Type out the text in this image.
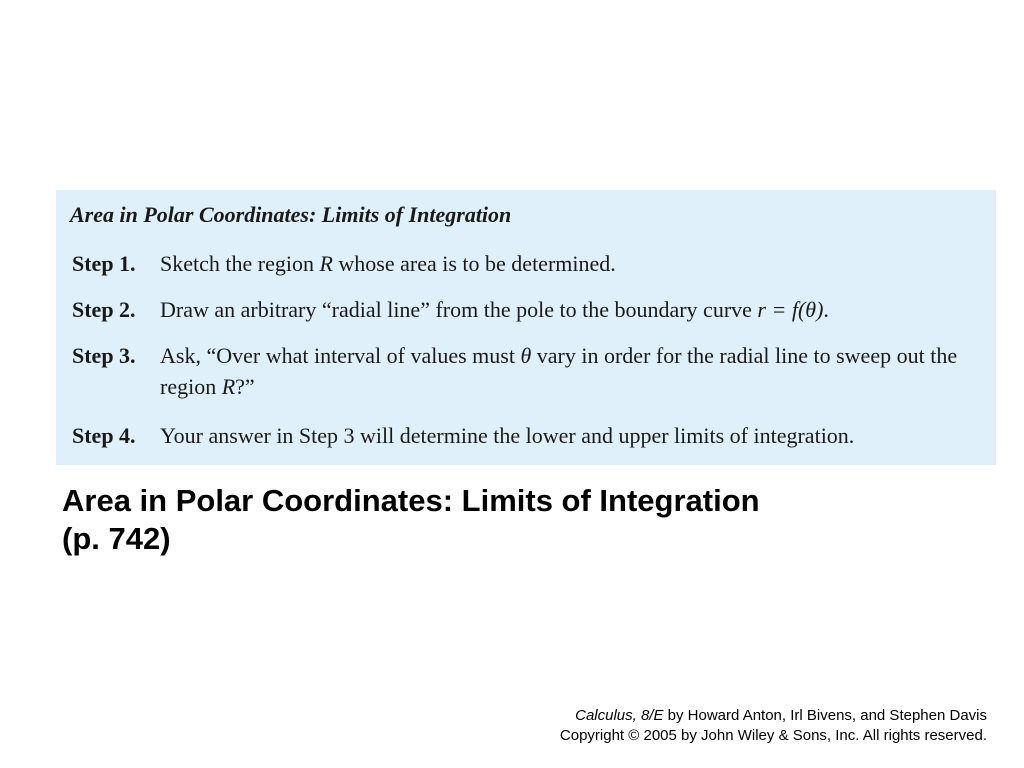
Area in Polar Coordinates: Limits of Integration
Step 1. Sketch the region R whose area is to be determined.
Step 2. Draw an arbitrary “radial line” from the pole to the boundary curve r = f(θ).
Step 3. Ask, “Over what interval of values must θ vary in order for the radial line to sweep out the region R?”
Step 4. Your answer in Step 3 will determine the lower and upper limits of integration.
Area in Polar Coordinates: Limits of Integration
(p. 742)
Calculus, 8/E by Howard Anton, Irl Bivens, and Stephen Davis
Copyright © 2005 by John Wiley & Sons, Inc. All rights reserved.
